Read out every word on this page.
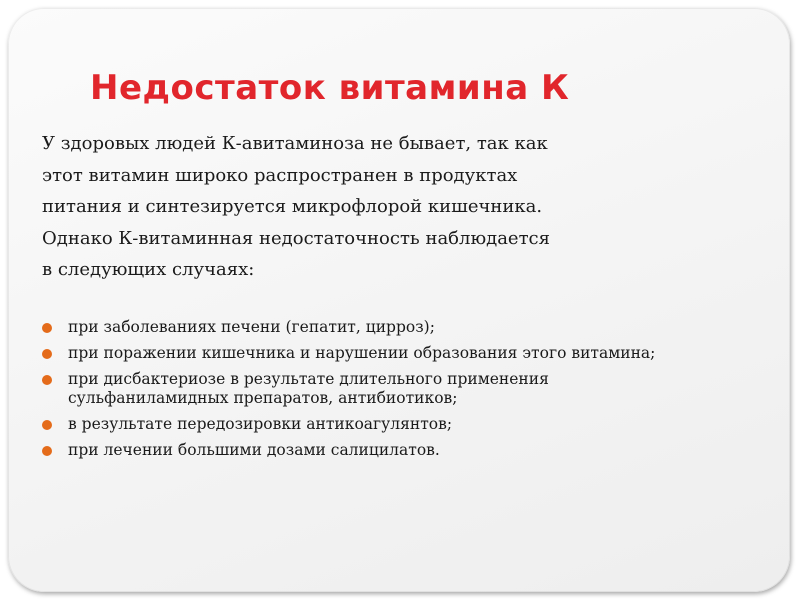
Недостаток витамина К

У здоровых людей К-авитаминоза не бывает, так как
этот витамин широко распространен в продуктах
питания и синтезируется микрофлорой кишечника.
Однако К-витаминная недостаточность наблюдается
в следующих случаях:

при заболеваниях печени (гепатит, цирроз);
при поражении кишечника и нарушении образования этого витамина;
при дисбактериозе в результате длительного применения
сульфаниламидных препаратов, антибиотиков;
в результате передозировки антикоагулянтов;
при лечении большими дозами салицилатов.
